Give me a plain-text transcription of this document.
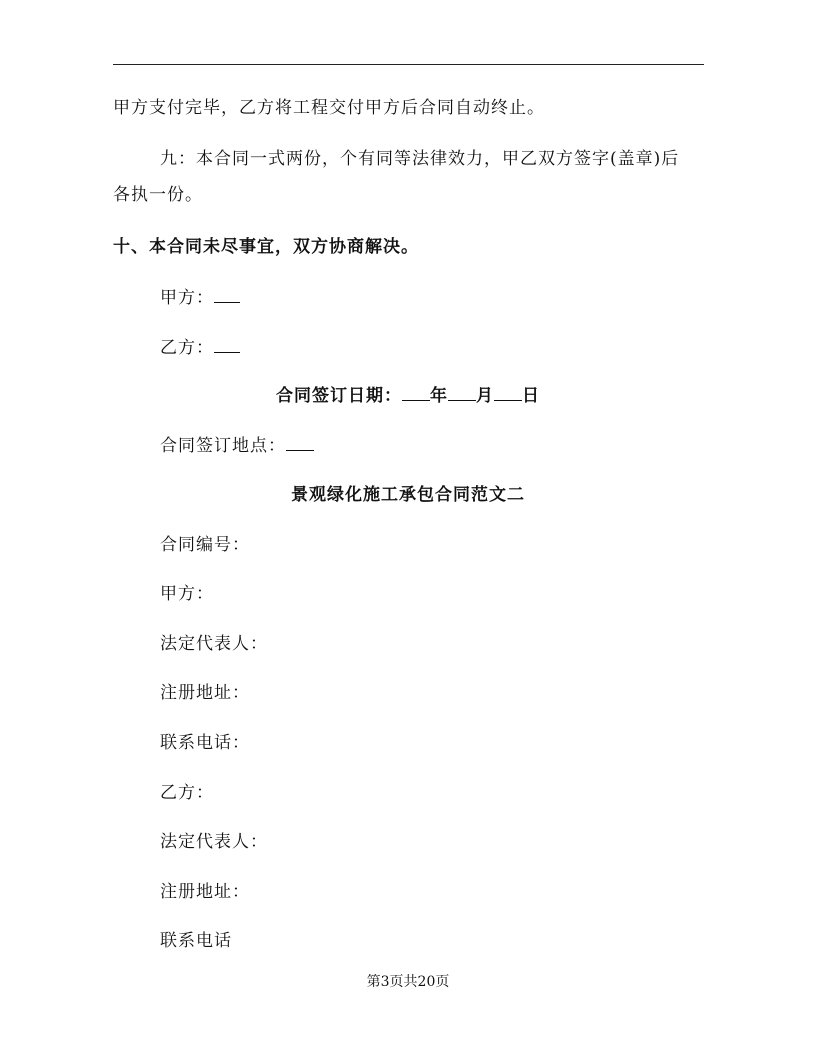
甲方支付完毕，乙方将工程交付甲方后合同自动终止。
九：本合同一式两份，个有同等法律效力，甲乙双方签字(盖章)后
各执一份。
十、本合同未尽事宜，双方协商解决。
甲方：
乙方：
合同签订日期： 年 月 日
合同签订地点：
景观绿化施工承包合同范文二
合同编号：
甲方：
法定代表人：
注册地址：
联系电话：
乙方：
法定代表人：
注册地址：
联系电话
第3页共20页
